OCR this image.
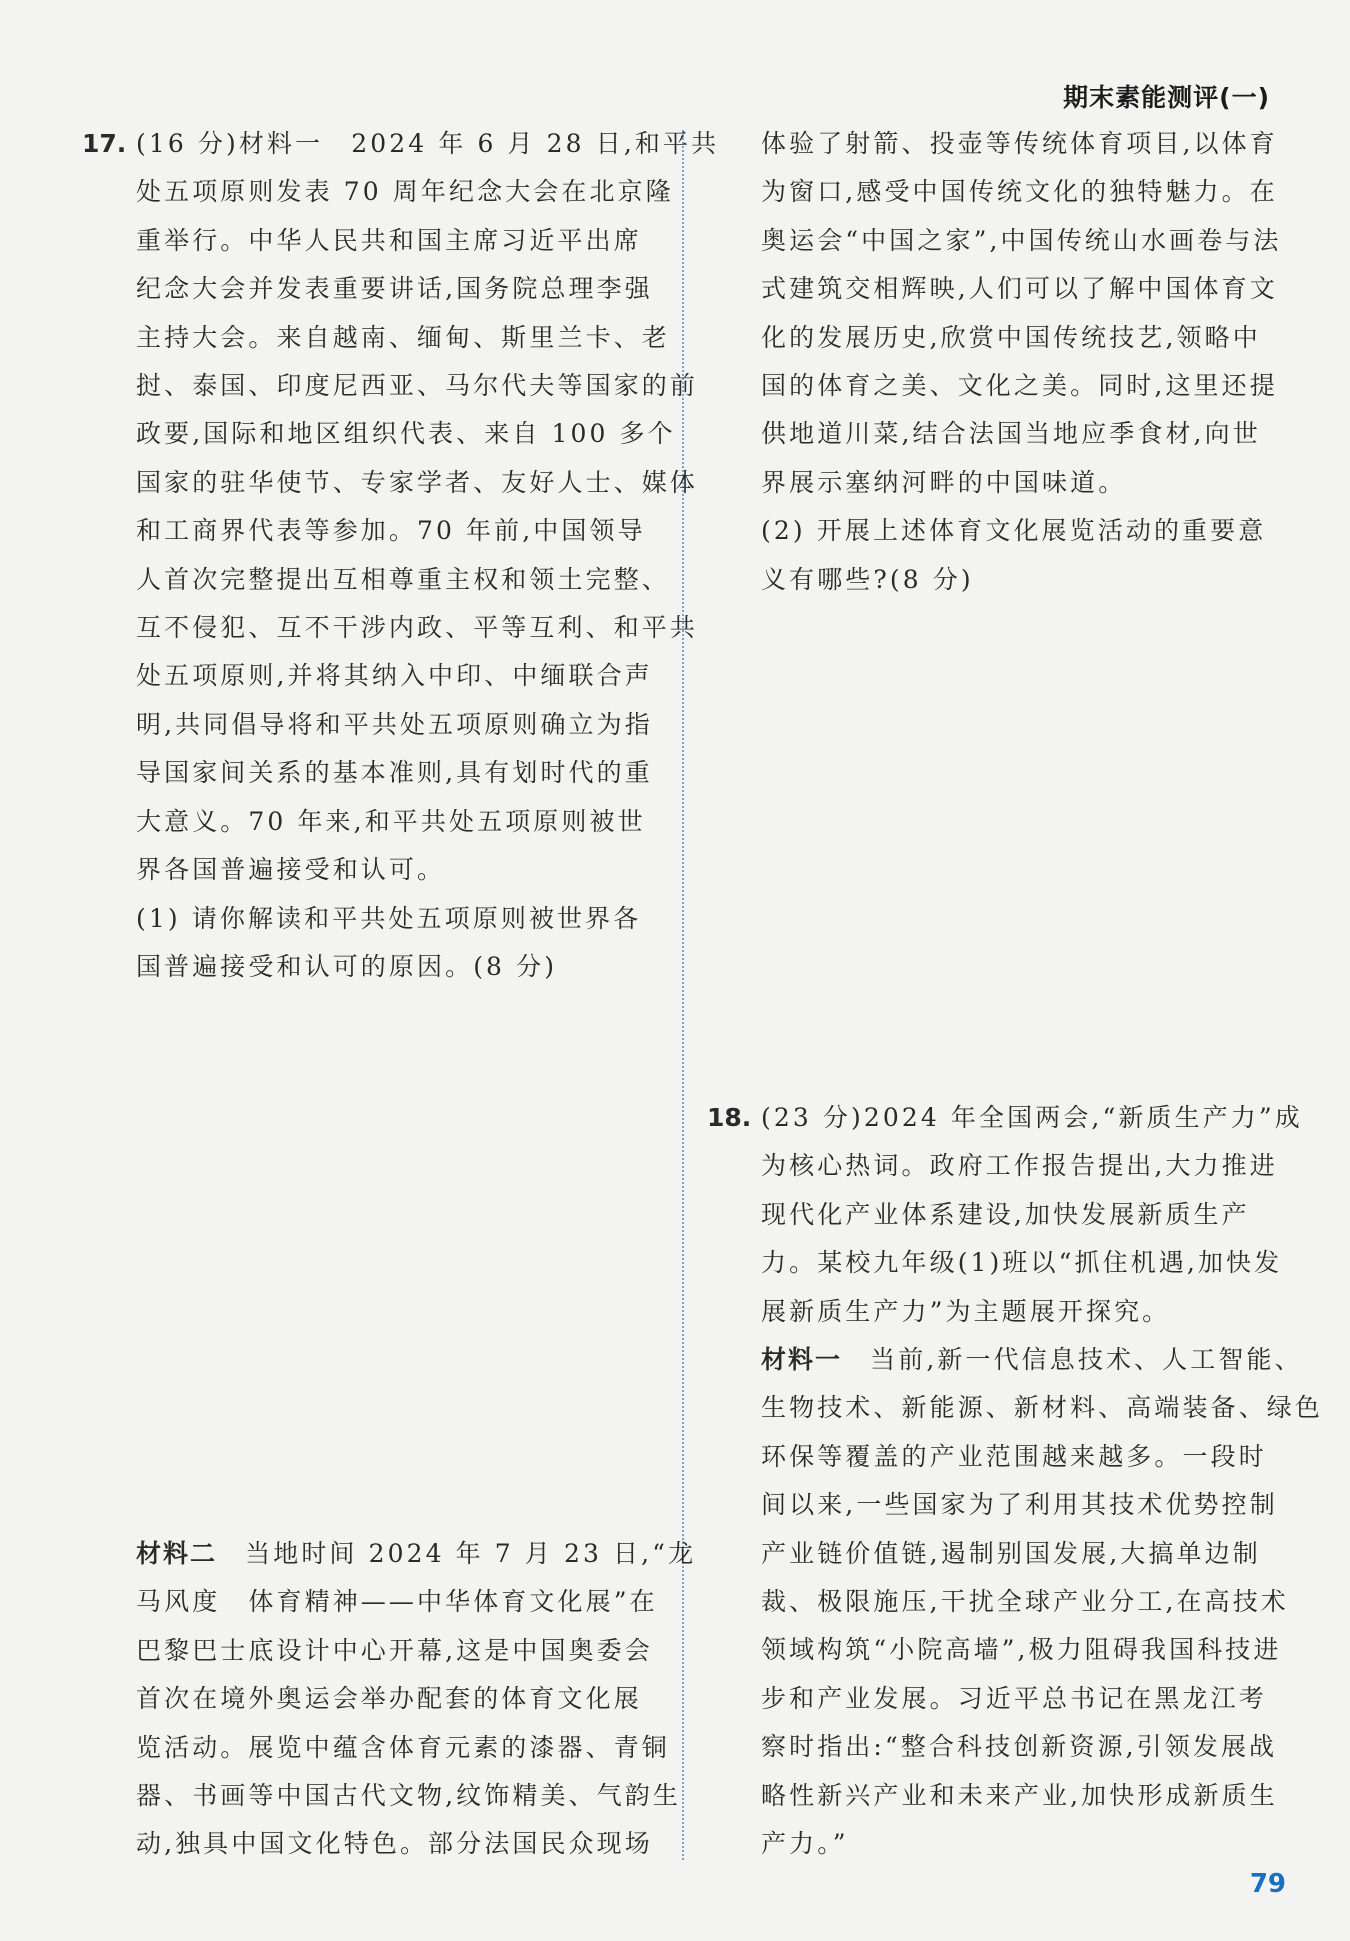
期末素能测评(一)
17. (16 分)材料一　2024 年 6 月 28 日,和平共
处五项原则发表 70 周年纪念大会在北京隆
重举行。中华人民共和国主席习近平出席
纪念大会并发表重要讲话,国务院总理李强
主持大会。来自越南、缅甸、斯里兰卡、老
挝、泰国、印度尼西亚、马尔代夫等国家的前
政要,国际和地区组织代表、来自 100 多个
国家的驻华使节、专家学者、友好人士、媒体
和工商界代表等参加。70 年前,中国领导
人首次完整提出互相尊重主权和领土完整、
互不侵犯、互不干涉内政、平等互利、和平共
处五项原则,并将其纳入中印、中缅联合声
明,共同倡导将和平共处五项原则确立为指
导国家间关系的基本准则,具有划时代的重
大意义。70 年来,和平共处五项原则被世
界各国普遍接受和认可。
(1) 请你解读和平共处五项原则被世界各
国普遍接受和认可的原因。(8 分)
材料二　当地时间 2024 年 7 月 23 日,“龙
马风度　体育精神——中华体育文化展”在
巴黎巴士底设计中心开幕,这是中国奥委会
首次在境外奥运会举办配套的体育文化展
览活动。展览中蕴含体育元素的漆器、青铜
器、书画等中国古代文物,纹饰精美、气韵生
动,独具中国文化特色。部分法国民众现场
体验了射箭、投壶等传统体育项目,以体育
为窗口,感受中国传统文化的独特魅力。在
奥运会“中国之家”,中国传统山水画卷与法
式建筑交相辉映,人们可以了解中国体育文
化的发展历史,欣赏中国传统技艺,领略中
国的体育之美、文化之美。同时,这里还提
供地道川菜,结合法国当地应季食材,向世
界展示塞纳河畔的中国味道。
(2) 开展上述体育文化展览活动的重要意
义有哪些?(8 分)
18. (23 分)2024 年全国两会,“新质生产力”成
为核心热词。政府工作报告提出,大力推进
现代化产业体系建设,加快发展新质生产
力。某校九年级(1)班以“抓住机遇,加快发
展新质生产力”为主题展开探究。
材料一　当前,新一代信息技术、人工智能、
生物技术、新能源、新材料、高端装备、绿色
环保等覆盖的产业范围越来越多。一段时
间以来,一些国家为了利用其技术优势控制
产业链价值链,遏制别国发展,大搞单边制
裁、极限施压,干扰全球产业分工,在高技术
领域构筑“小院高墙”,极力阻碍我国科技进
步和产业发展。习近平总书记在黑龙江考
察时指出:“整合科技创新资源,引领发展战
略性新兴产业和未来产业,加快形成新质生
产力。”
79
